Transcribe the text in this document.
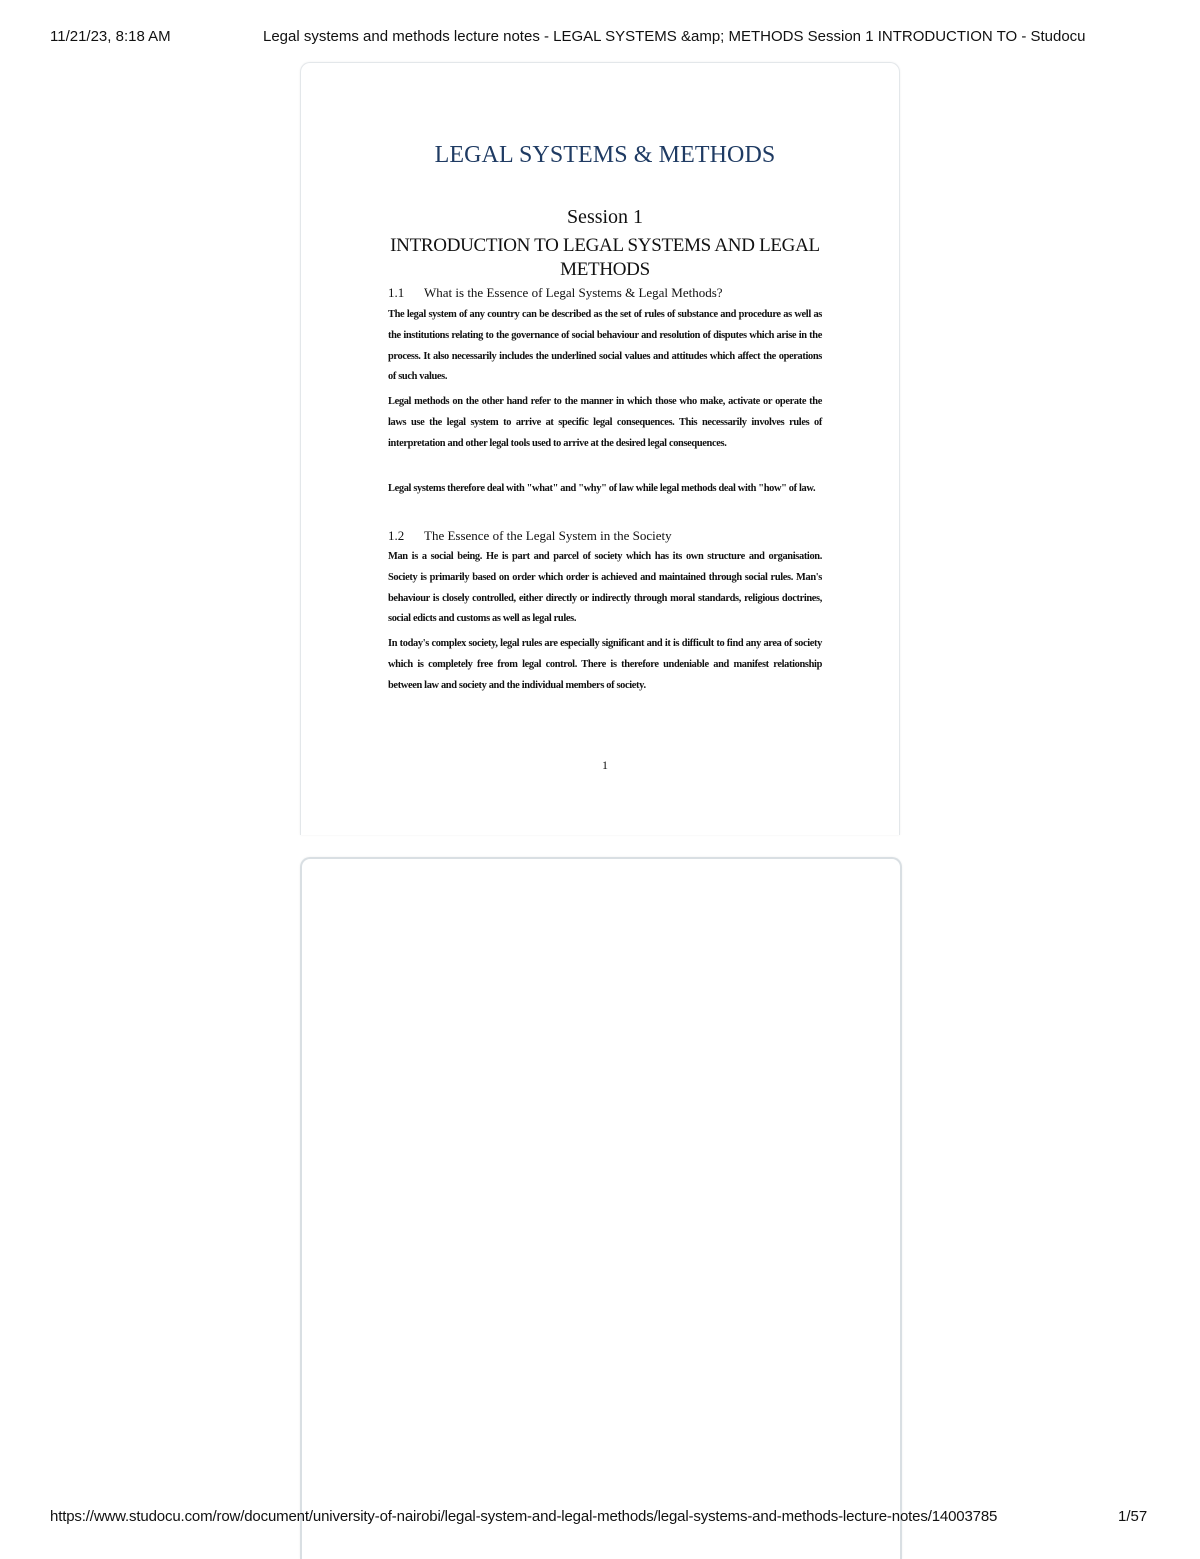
11/21/23, 8:18 AM	Legal systems and methods lecture notes - LEGAL SYSTEMS &amp; METHODS Session 1 INTRODUCTION TO - Studocu
LEGAL SYSTEMS & METHODS
Session 1
INTRODUCTION TO LEGAL SYSTEMS AND LEGAL METHODS
1.1 What is the Essence of Legal Systems & Legal Methods?

The legal system of any country can be described as the set of rules of substance and procedure as well as the institutions relating to the governance of social behaviour and resolution of disputes which arise in the process. It also necessarily includes the underlined social values and attitudes which affect the operations of such values.

Legal methods on the other hand refer to the manner in which those who make, activate or operate the laws use the legal system to arrive at specific legal consequences. This necessarily involves rules of interpretation and other legal tools used to arrive at the desired legal consequences.

Legal systems therefore deal with "what" and "why" of law while legal methods deal with "how" of law.

1.2 The Essence of the Legal System in the Society

Man is a social being. He is part and parcel of society which has its own structure and organisation. Society is primarily based on order which order is achieved and maintained through social rules. Man's behaviour is closely controlled, either directly or indirectly through moral standards, religious doctrines, social edicts and customs as well as legal rules.

In today's complex society, legal rules are especially significant and it is difficult to find any area of society which is completely free from legal control. There is therefore undeniable and manifest relationship between law and society and the individual members of society.

1
https://www.studocu.com/row/document/university-of-nairobi/legal-system-and-legal-methods/legal-systems-and-methods-lecture-notes/14003785	1/57
